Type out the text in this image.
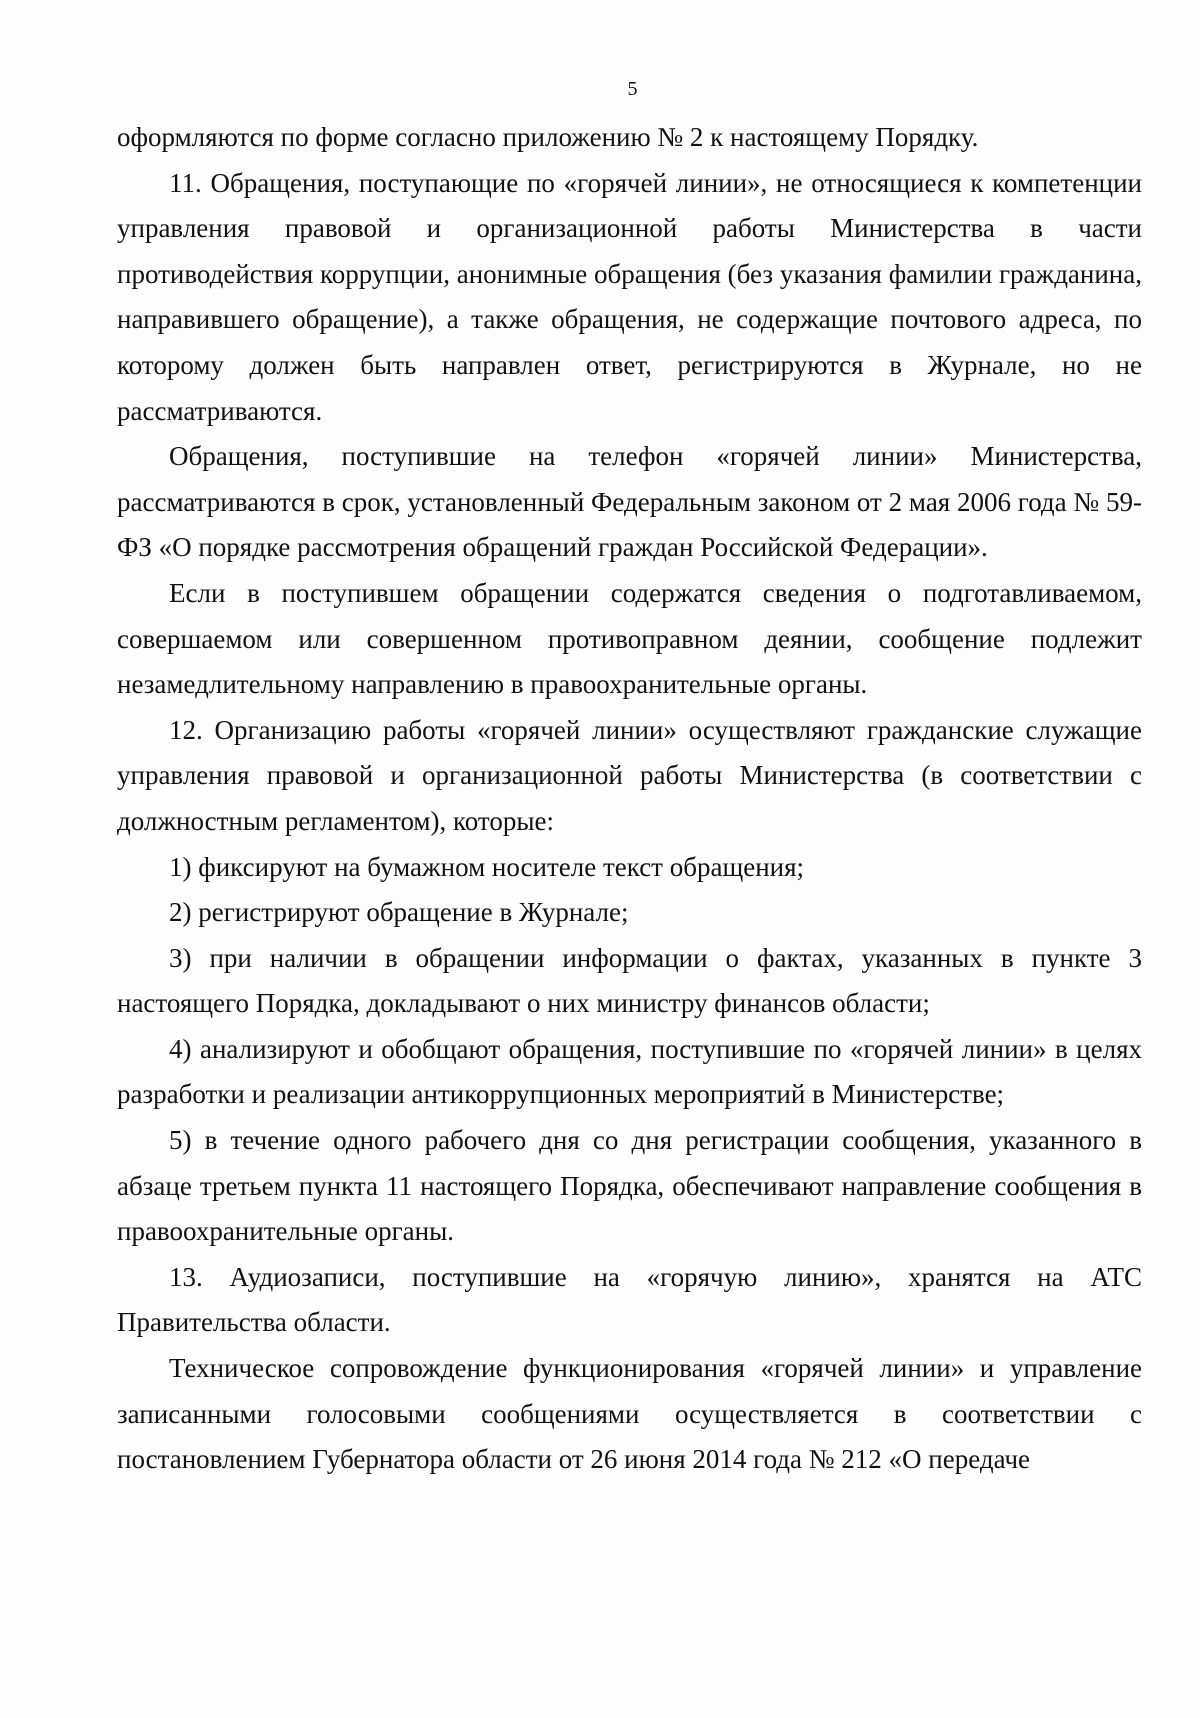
5

оформляются по форме согласно приложению № 2 к настоящему Порядку.

11. Обращения, поступающие по «горячей линии», не относящиеся к компетенции управления правовой и организационной работы Министерства в части противодействия коррупции, анонимные обращения (без указания фамилии гражданина, направившего обращение), а также обращения, не содержащие почтового адреса, по которому должен быть направлен ответ, регистрируются в Журнале, но не рассматриваются.

Обращения, поступившие на телефон «горячей линии» Министерства, рассматриваются в срок, установленный Федеральным законом от 2 мая 2006 года № 59-ФЗ «О порядке рассмотрения обращений граждан Российской Федерации».

Если в поступившем обращении содержатся сведения о подготавливаемом, совершаемом или совершенном противоправном деянии, сообщение подлежит незамедлительному направлению в правоохранительные органы.

12. Организацию работы «горячей линии» осуществляют гражданские служащие управления правовой и организационной работы Министерства (в соответствии с должностным регламентом), которые:

1) фиксируют на бумажном носителе текст обращения;

2) регистрируют обращение в Журнале;

3) при наличии в обращении информации о фактах, указанных в пункте 3 настоящего Порядка, докладывают о них министру финансов области;

4) анализируют и обобщают обращения, поступившие по «горячей линии» в целях разработки и реализации антикоррупционных мероприятий в Министерстве;

5) в течение одного рабочего дня со дня регистрации сообщения, указанного в абзаце третьем пункта 11 настоящего Порядка, обеспечивают направление сообщения в правоохранительные органы.

13. Аудиозаписи, поступившие на «горячую линию», хранятся на АТС Правительства области.

Техническое сопровождение функционирования «горячей линии» и управление записанными голосовыми сообщениями осуществляется в соответствии с постановлением Губернатора области от 26 июня 2014 года № 212 «О передаче
